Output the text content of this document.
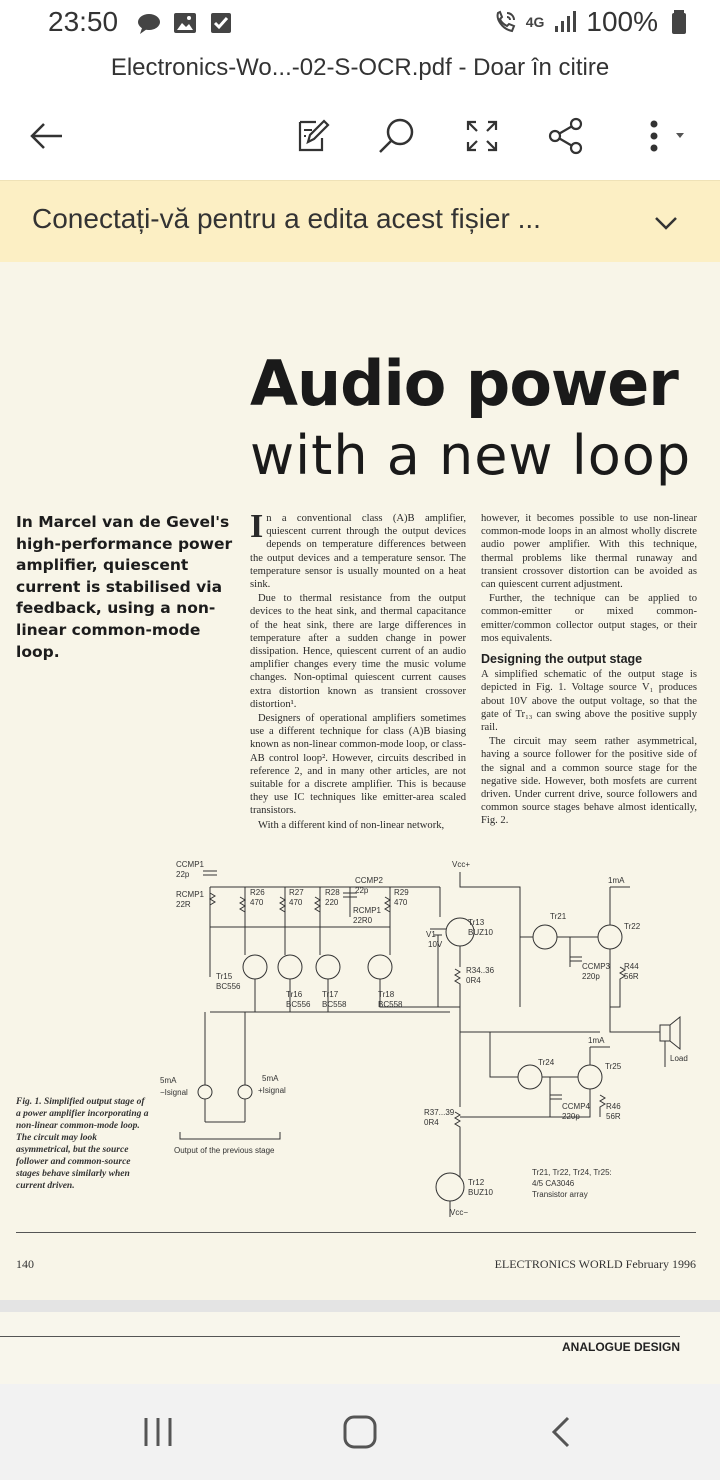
23:50	4G 100%
Electronics-Wo...-02-S-OCR.pdf - Doar în citire
Conectați-vă pentru a edita acest fișier ...
Audio power
with a new loop
In Marcel van de Gevel's high-performance power amplifier, quiescent current is stabilised via feedback, using a non-linear common-mode loop.

In a conventional class (A)B amplifier, quiescent current through the output devices depends on temperature differences between the output devices and a temperature sensor. The temperature sensor is usually mounted on a heat sink.

Due to thermal resistance from the output devices to the heat sink, and thermal capacitance of the heat sink, there are large differences in temperature after a sudden change in power dissipation. Hence, quiescent current of an audio amplifier changes every time the music volume changes. Non-optimal quiescent current causes extra distortion known as transient crossover distortion¹.

Designers of operational amplifiers sometimes use a different technique for class (A)B biasing known as non-linear common-mode loop, or class-AB control loop². However, circuits described in reference 2, and in many other articles, are not suitable for a discrete amplifier. This is because they use IC techniques like emitter-area scaled transistors.

With a different kind of non-linear network,

however, it becomes possible to use non-linear common-mode loops in an almost wholly discrete audio power amplifier. With this technique, thermal problems like thermal runaway and transient crossover distortion can be avoided as can quiescent current adjustment.

Further, the technique can be applied to common-emitter or mixed common-emitter/common collector output stages, or their mos equivalents.

Designing the output stage

A simplified schematic of the output stage is depicted in Fig. 1. Voltage source V₁ produces about 10V above the output voltage, so that the gate of Tr₁₃ can swing above the positive supply rail.

The circuit may seem rather asymmetrical, having a source follower for the positive side of the signal and a common source stage for the negative side. However, both mosfets are current driven. Under current drive, source followers and common source stages behave almost identically, Fig. 2.

CCMP1
22p
RCMP1
22R
R26
470
R27
470
R28
220
CCMP2
22p
RCMP1
22R0
R29
470
Vcc+
V1
10V
Tr13
BUZ10
R34..36
0R4
Tr21
Tr22
1mA
CCMP3
220p
R44
56R
Tr15
BC556
Tr16
BC556
Tr17
BC558
Tr18
BC558
Load
1mA
Tr24	Tr25
5mA
−Isignal
5mA
+Isignal
R37...39
0R4
CCMP4
220p
R46
56R
Output of the previous stage
Tr21, Tr22, Tr24, Tr25:
4/5 CA3046
Transistor array
Tr12
BUZ10
Vcc−
Fig. 1. Simplified output stage of a power amplifier incorporating a non-linear common-mode loop. The circuit may look asymmetrical, but the source follower and common-source stages behave similarly when current driven.
140	ELECTRONICS WORLD February 1996
ANALOGUE DESIGN
